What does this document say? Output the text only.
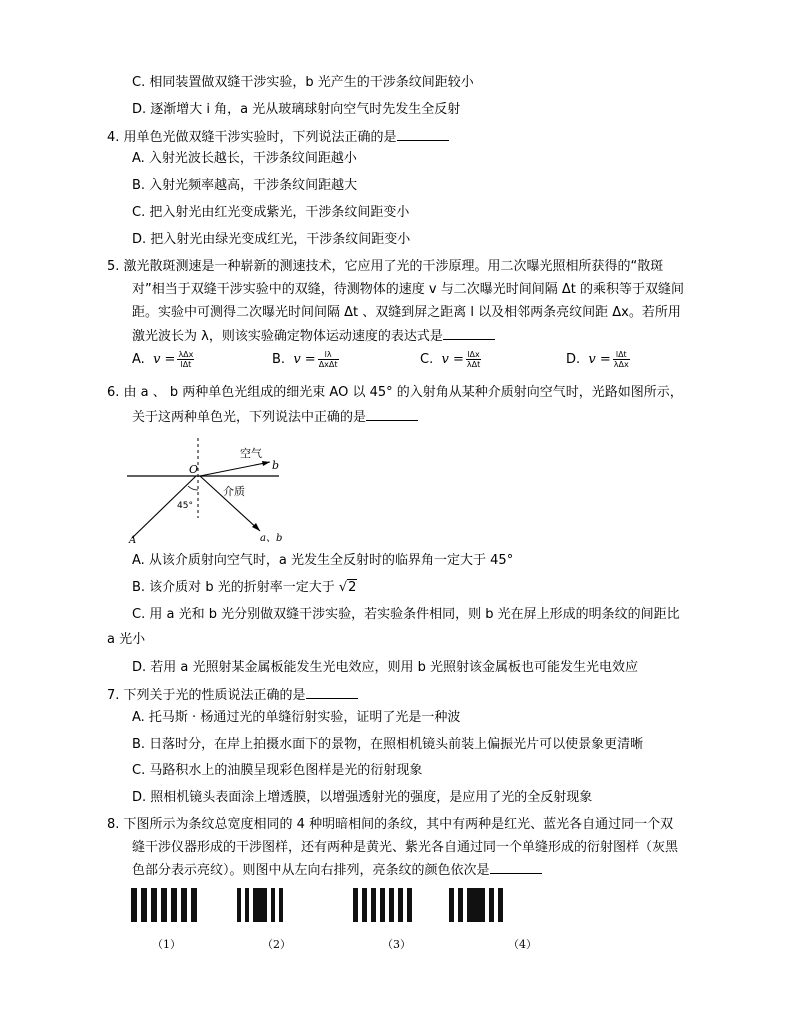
C. 相同装置做双缝干涉实验，b 光产生的干涉条纹间距较小
D. 逐渐增大 i 角，a 光从玻璃球射向空气时先发生全反射
4. 用单色光做双缝干涉实验时，下列说法正确的是
A. 入射光波长越长，干涉条纹间距越小
B. 入射光频率越高，干涉条纹间距越大
C. 把入射光由红光变成紫光，干涉条纹间距变小
D. 把入射光由绿光变成红光，干涉条纹间距变小
5. 激光散斑测速是一种崭新的测速技术，它应用了光的干涉原理。用二次曝光照相所获得的“散斑
对”相当于双缝干涉实验中的双缝，待测物体的速度 v 与二次曝光时间间隔 Δt 的乘积等于双缝间
距。实验中可测得二次曝光时间间隔 Δt 、双缝到屏之距离 l 以及相邻两条亮纹间距 Δx。若所用
激光波长为 λ，则该实验确定物体运动速度的表达式是
A. $v = \frac{\text{λΔx}}{\text{lΔt}}$	B. $v = \frac{l\lambda}{\text{ΔxΔt}}$	C. $v = \frac{\text{lΔx}}{\text{λΔt}}$	D. $v = \frac{\text{lΔt}}{\text{λΔx}}$
6. 由 a 、 b 两种单色光组成的细光束 AO 以 45° 的入射角从某种介质射向空气时，光路如图所示，
关于这两种单色光，下列说法中正确的是
O
空气
b
介质
45°
A	a、b
A. 从该介质射向空气时，a 光发生全反射时的临界角一定大于 45°
B. 该介质对 b 光的折射率一定大于 √2
C. 用 a 光和 b 光分别做双缝干涉实验，若实验条件相同，则 b 光在屏上形成的明条纹的间距比
a 光小
D. 若用 a 光照射某金属板能发生光电效应，则用 b 光照射该金属板也可能发生光电效应
7. 下列关于光的性质说法正确的是
A. 托马斯 · 杨通过光的单缝衍射实验，证明了光是一种波
B. 日落时分，在岸上拍摄水面下的景物，在照相机镜头前装上偏振光片可以使景象更清晰
C. 马路积水上的油膜呈现彩色图样是光的衍射现象
D. 照相机镜头表面涂上增透膜，以增强透射光的强度，是应用了光的全反射现象
8. 下图所示为条纹总宽度相同的 4 种明暗相间的条纹，其中有两种是红光、蓝光各自通过同一个双
缝干涉仪器形成的干涉图样，还有两种是黄光、紫光各自通过同一个单缝形成的衍射图样（灰黑
色部分表示亮纹）。则图中从左向右排列，亮条纹的颜色依次是
（1）	（2）	（3）	（4）
